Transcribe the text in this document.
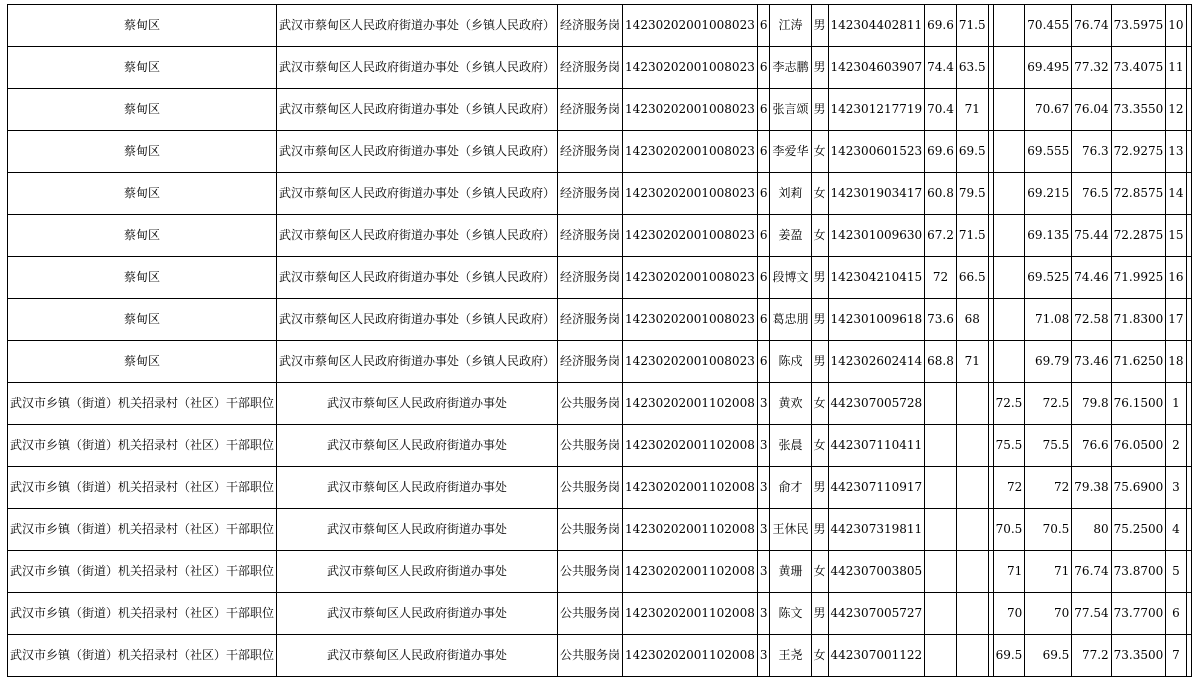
蔡甸区	武汉市蔡甸区人民政府街道办事处（乡镇人民政府）	经济服务岗	14230202001008023	6	江涛	男	142304402811	69.6	71.5			70.455	76.74	73.5975	10	
蔡甸区	武汉市蔡甸区人民政府街道办事处（乡镇人民政府）	经济服务岗	14230202001008023	6	李志鹏	男	142304603907	74.4	63.5			69.495	77.32	73.4075	11	
蔡甸区	武汉市蔡甸区人民政府街道办事处（乡镇人民政府）	经济服务岗	14230202001008023	6	张言颂	男	142301217719	70.4	71			70.67	76.04	73.3550	12	
蔡甸区	武汉市蔡甸区人民政府街道办事处（乡镇人民政府）	经济服务岗	14230202001008023	6	李爱华	女	142300601523	69.6	69.5			69.555	76.3	72.9275	13	
蔡甸区	武汉市蔡甸区人民政府街道办事处（乡镇人民政府）	经济服务岗	14230202001008023	6	刘莉	女	142301903417	60.8	79.5			69.215	76.5	72.8575	14	
蔡甸区	武汉市蔡甸区人民政府街道办事处（乡镇人民政府）	经济服务岗	14230202001008023	6	姜盈	女	142301009630	67.2	71.5			69.135	75.44	72.2875	15	
蔡甸区	武汉市蔡甸区人民政府街道办事处（乡镇人民政府）	经济服务岗	14230202001008023	6	段博文	男	142304210415	72	66.5			69.525	74.46	71.9925	16	
蔡甸区	武汉市蔡甸区人民政府街道办事处（乡镇人民政府）	经济服务岗	14230202001008023	6	葛忠朋	男	142301009618	73.6	68			71.08	72.58	71.8300	17	
蔡甸区	武汉市蔡甸区人民政府街道办事处（乡镇人民政府）	经济服务岗	14230202001008023	6	陈戍	男	142302602414	68.8	71			69.79	73.46	71.6250	18	
武汉市乡镇（街道）机关招录村（社区）干部职位	武汉市蔡甸区人民政府街道办事处	公共服务岗	14230202001102008	3	黄欢	女	442307005728				72.5	72.5	79.8	76.1500	1	
武汉市乡镇（街道）机关招录村（社区）干部职位	武汉市蔡甸区人民政府街道办事处	公共服务岗	14230202001102008	3	张晨	女	442307110411				75.5	75.5	76.6	76.0500	2	
武汉市乡镇（街道）机关招录村（社区）干部职位	武汉市蔡甸区人民政府街道办事处	公共服务岗	14230202001102008	3	俞才	男	442307110917				72	72	79.38	75.6900	3	
武汉市乡镇（街道）机关招录村（社区）干部职位	武汉市蔡甸区人民政府街道办事处	公共服务岗	14230202001102008	3	王休民	男	442307319811				70.5	70.5	80	75.2500	4	
武汉市乡镇（街道）机关招录村（社区）干部职位	武汉市蔡甸区人民政府街道办事处	公共服务岗	14230202001102008	3	黄珊	女	442307003805				71	71	76.74	73.8700	5	
武汉市乡镇（街道）机关招录村（社区）干部职位	武汉市蔡甸区人民政府街道办事处	公共服务岗	14230202001102008	3	陈文	男	442307005727				70	70	77.54	73.7700	6	
武汉市乡镇（街道）机关招录村（社区）干部职位	武汉市蔡甸区人民政府街道办事处	公共服务岗	14230202001102008	3	王尧	女	442307001122				69.5	69.5	77.2	73.3500	7	
